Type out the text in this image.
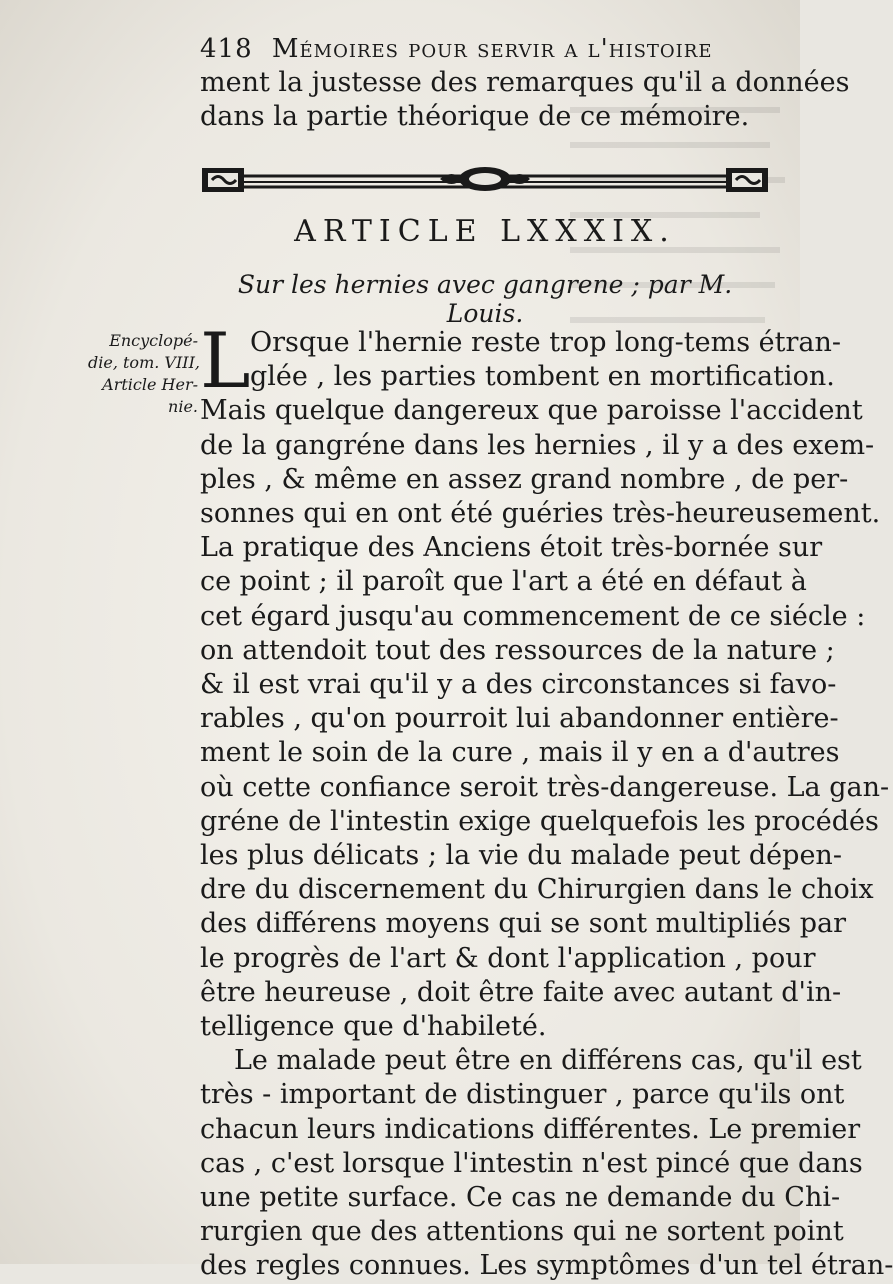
418 Mémoires pour servir a l'histoire
ment la justesse des remarques qu'il a données
dans la partie théorique de ce mémoire.
ARTICLE LXXXIX.
Sur les hernies avec gangrene ; par M. Louis.
Encyclopé-
die, tom. VIII,
Article Her-
nie.
L Orsque l'hernie reste trop long-tems étran-
glée , les parties tombent en mortification.
Mais quelque dangereux que paroisse l'accident
de la gangréne dans les hernies , il y a des exem-
ples , & même en assez grand nombre , de per-
sonnes qui en ont été guéries très-heureusement.
La pratique des Anciens étoit très-bornée sur
ce point ; il paroît que l'art a été en défaut à
cet égard jusqu'au commencement de ce siécle :
on attendoit tout des ressources de la nature ;
& il est vrai qu'il y a des circonstances si favo-
rables , qu'on pourroit lui abandonner entière-
ment le soin de la cure , mais il y en a d'autres
où cette confiance seroit très-dangereuse. La gan-
gréne de l'intestin exige quelquefois les procédés
les plus délicats ; la vie du malade peut dépen-
dre du discernement du Chirurgien dans le choix
des différens moyens qui se sont multipliés par
le progrès de l'art & dont l'application , pour
être heureuse , doit être faite avec autant d'in-
telligence que d'habileté.
Le malade peut être en différens cas, qu'il est
très - important de distinguer , parce qu'ils ont
chacun leurs indications différentes. Le premier
cas , c'est lorsque l'intestin n'est pincé que dans
une petite surface. Ce cas ne demande du Chi-
rurgien que des attentions qui ne sortent point
des regles connues. Les symptômes d'un tel étran-
